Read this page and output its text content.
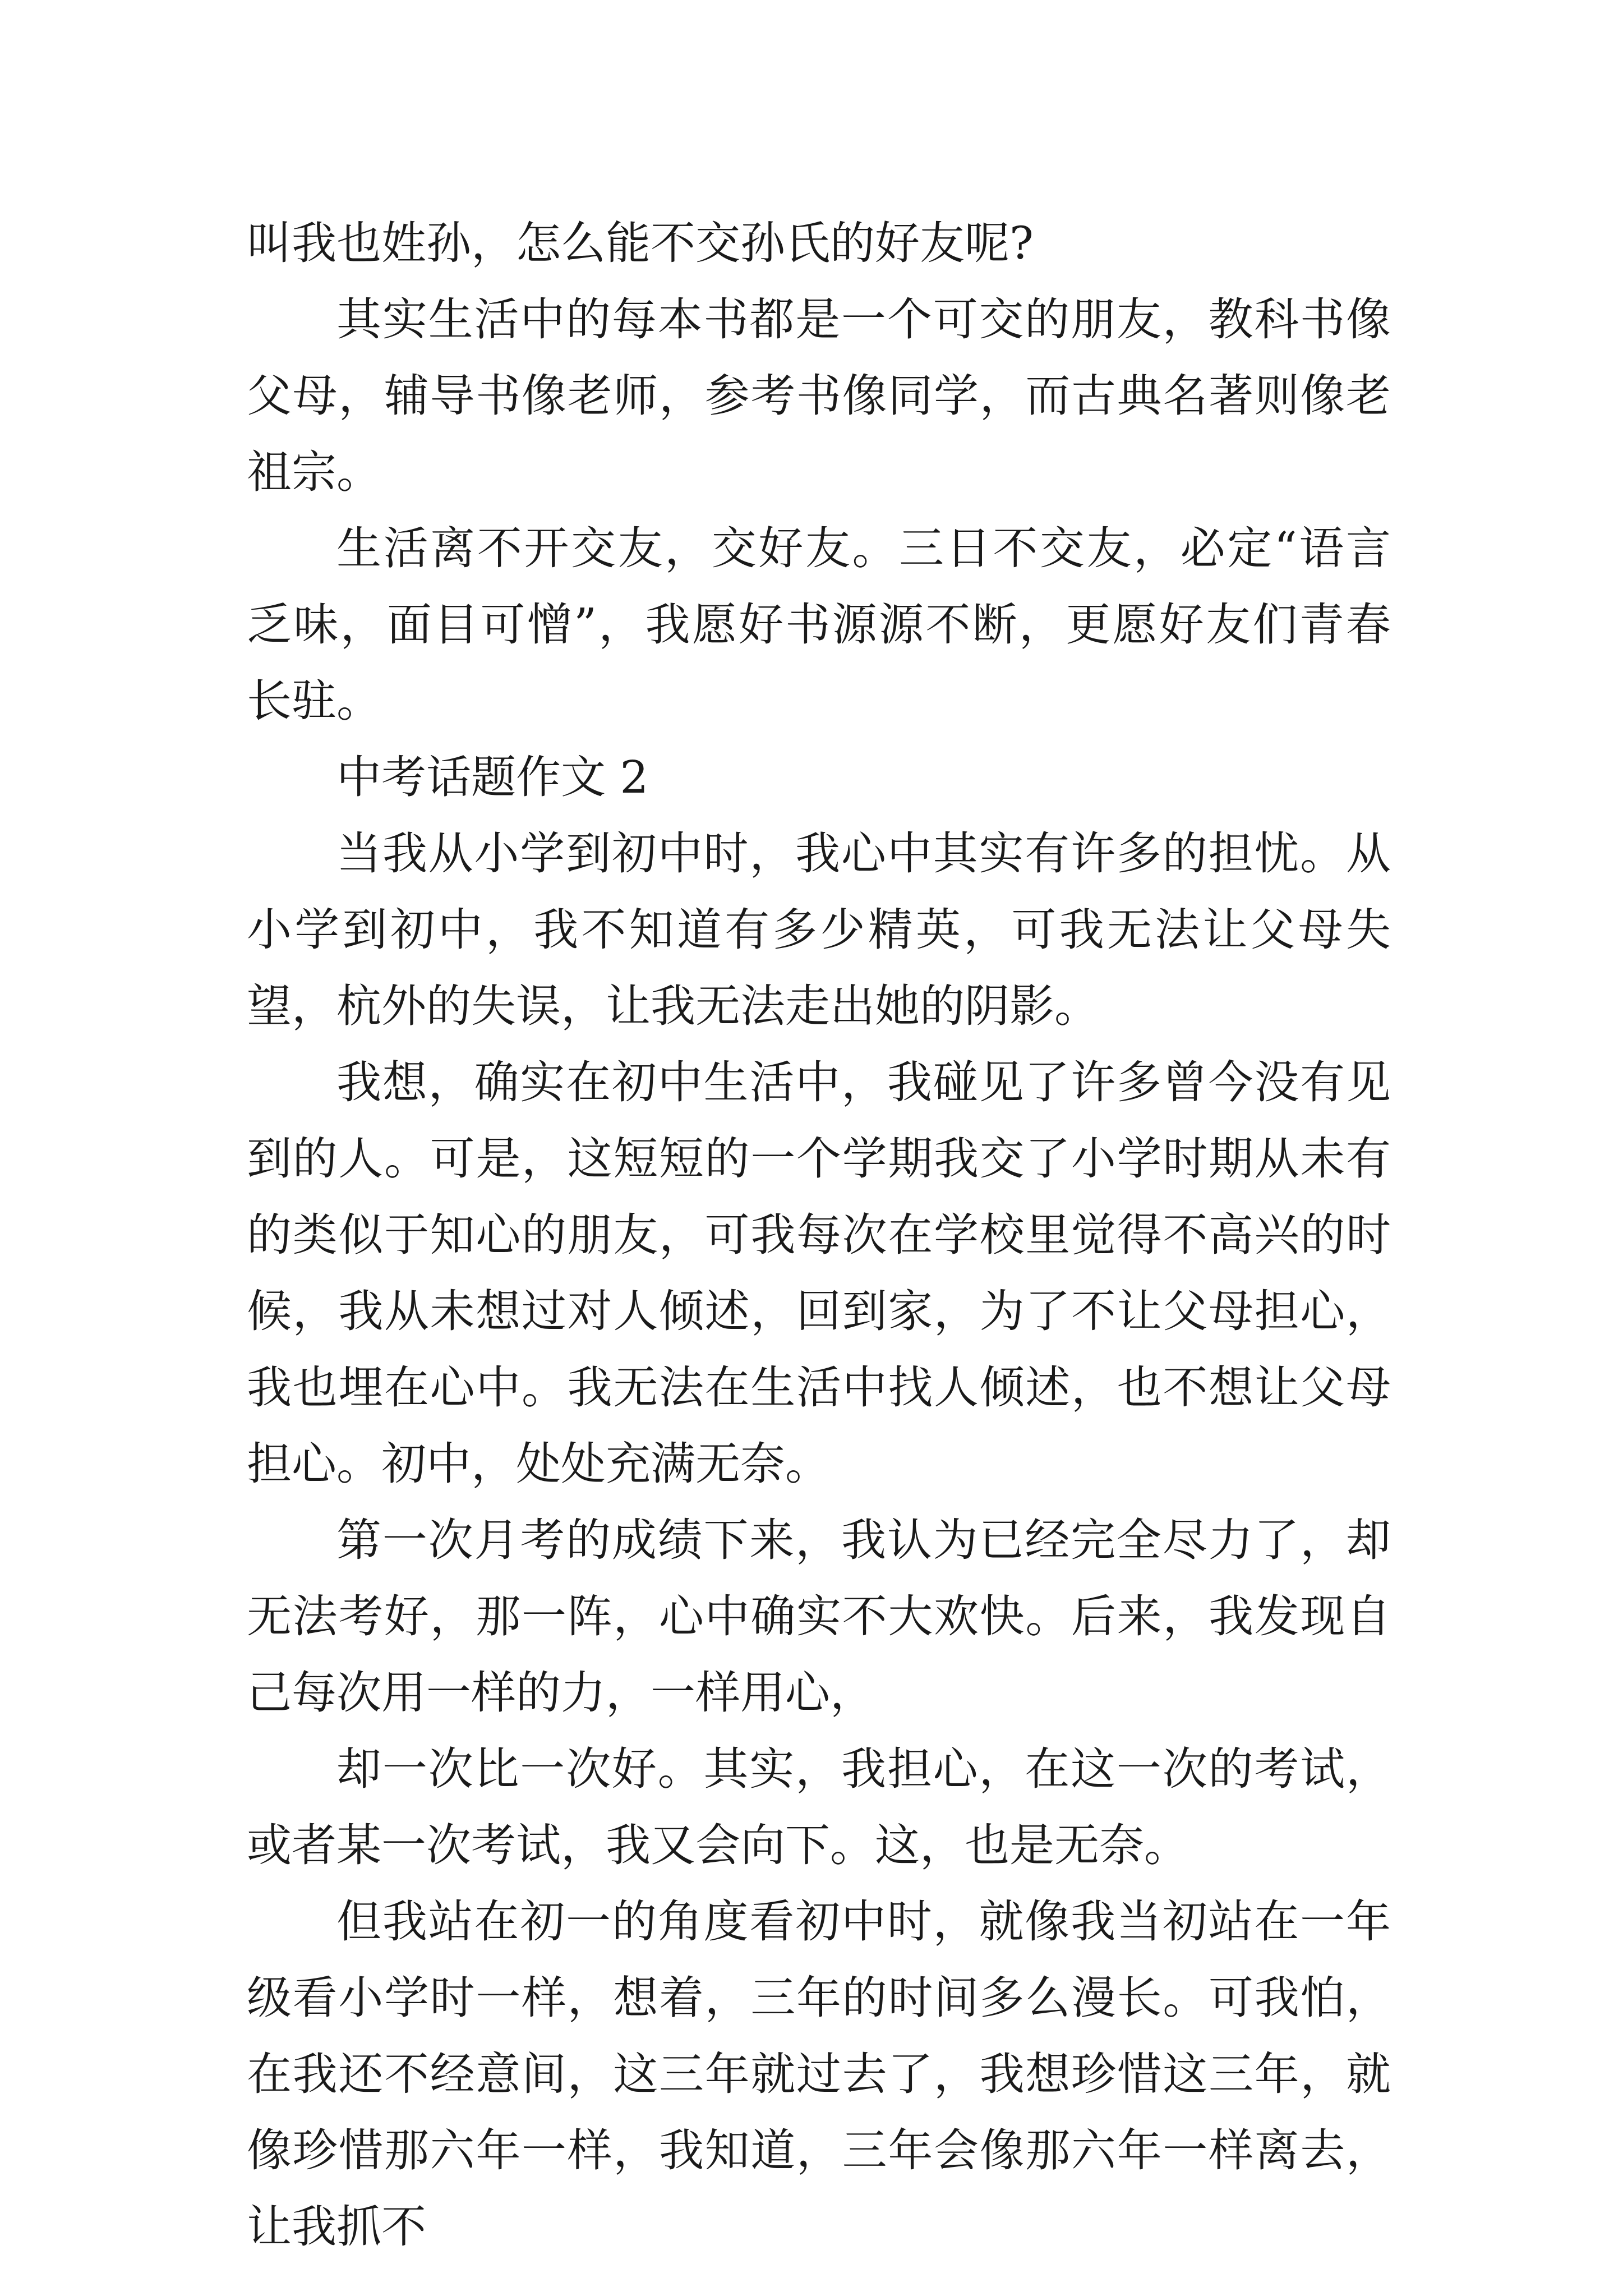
叫我也姓孙，怎么能不交孙氏的好友呢?

其实生活中的每本书都是一个可交的朋友，教科书像父母，辅导书像老师，参考书像同学，而古典名著则像老祖宗。

生活离不开交友，交好友。三日不交友，必定“语言乏味，面目可憎”，我愿好书源源不断，更愿好友们青春长驻。

中考话题作文 2

当我从小学到初中时，我心中其实有许多的担忧。从小学到初中，我不知道有多少精英，可我无法让父母失望，杭外的失误，让我无法走出她的阴影。

我想，确实在初中生活中，我碰见了许多曾今没有见到的人。可是，这短短的一个学期我交了小学时期从未有的类似于知心的朋友，可我每次在学校里觉得不高兴的时候，我从未想过对人倾述，回到家，为了不让父母担心，我也埋在心中。我无法在生活中找人倾述，也不想让父母担心。初中，处处充满无奈。

第一次月考的成绩下来，我认为已经完全尽力了，却无法考好，那一阵，心中确实不大欢快。后来，我发现自己每次用一样的力，一样用心，

却一次比一次好。其实，我担心，在这一次的考试，或者某一次考试，我又会向下。这，也是无奈。

但我站在初一的角度看初中时，就像我当初站在一年级看小学时一样，想着，三年的时间多么漫长。可我怕，在我还不经意间，这三年就过去了，我想珍惜这三年，就像珍惜那六年一样，我知道，三年会像那六年一样离去，让我抓不
